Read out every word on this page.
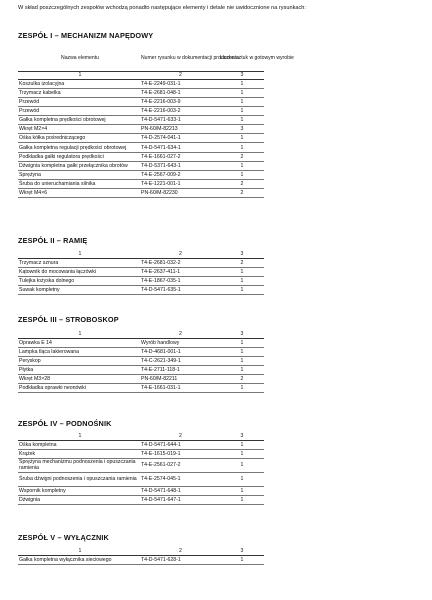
W skład poszczególnych zespołów wchodzą ponadto następujące elementy i detale nie uwidocznione na rysunkach:
ZESPÓŁ I – MECHANIZM NAPĘDOWY
Nazwa elementu	Numer rysunku w dokumentacji producenta	Liczba sztuk w gotowym wyrobie
1	2	3
Koszulka izolacyjna	T4-E-2249-031-1	1
Trzymacz kabelka	T4-E-2681-048-1	1
Przewód	T4-E-2216-003-9	1
Przewód	T4-E-2216-003-2	1
Gałka kompletna prędkości obrotowej	T4-D-5471-633-1	1
Wkręt M2×4	PN-60/M-82213	3
Ośka kółka pośredniczącego	T4-D-2574-041-1	1
Gałka kompletna regulacji prędkości obrotowej	T4-D-5471-634-1	1
Podkładka gałki regulatora prędkości	T4-E-1661-027-2	2
Dźwignia kompletna gałki przełącznika obrotów	T4-D-5371-643-1	1
Sprężyna	T4-E-2567-009-2	1
Śruba do unieruchamiania silnika	T4-E-1221-001-1	2
Wkręt M4×6	PN-60/M-82230	2
ZESPÓŁ II – RAMIĘ
1	2	3
Trzymacz sznura	T4-E-2681-032-2	2
Kątownik do mocowania łączówki	T4-E-2637-411-1	1
Tulejka łożyska dolnego	T4-E-1867-035-1	1
Suwak kompletny	T4-D-5471-635-1	1
ZESPÓŁ III – STROBOSKOP
1	2	3
Oprawka E 14	Wyrób handlowy	1
Lampka tląca lakierowana	T4-D-4681-001-1	1
Peryskop	T4-C-2621-349-1	1
Płytka	T4-E-2711-118-1	1
Wkręt M3×28	PN-60/M-82211	2
Podkładka oprawki neonówki	T4-E-1661-031-1	1
ZESPÓŁ IV – PODNOŚNIK
1	2	3
Ośka kompletna	T4-D-5471-644-1	1
Krążek	T4-E-1615-019-1	1
Sprężyna mechanizmu podnoszenia i opuszczania ramienia	T4-E-2561-027-2	1
Śruba dźwigni podnoszenia i opuszczania ramienia	T4-E-2574-045-1	1
Wspornik kompletny	T4-D-5471-648-1	1
Dźwignia	T4-D-5471-647-1	1
ZESPÓŁ V – WYŁĄCZNIK
1	2	3
Gałka kompletna wyłącznika sieciowego	T4-D-5471-628-1	1
